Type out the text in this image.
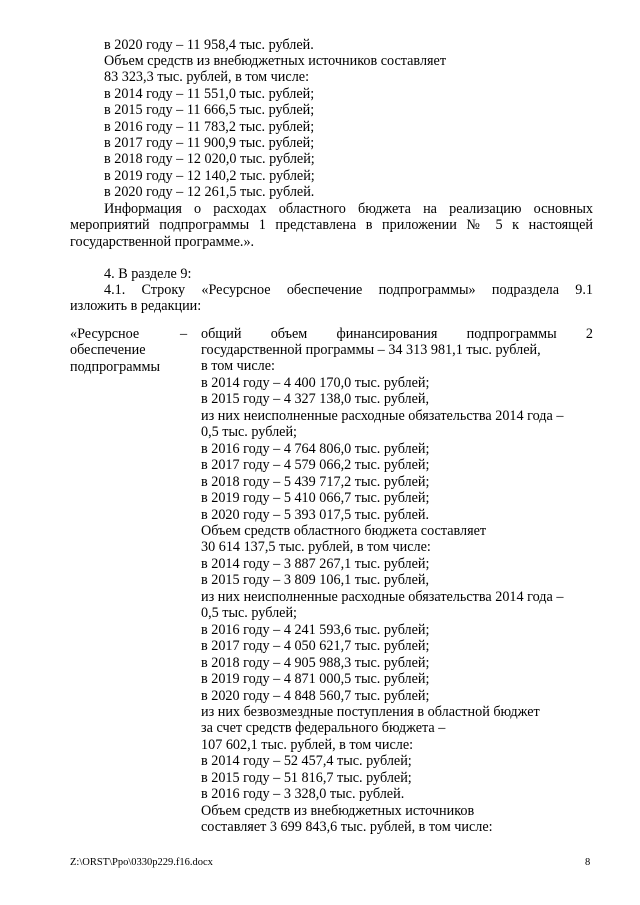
в 2020 году – 11 958,4 тыс. рублей.
Объем средств из внебюджетных источников составляет
83 323,3 тыс. рублей, в том числе:
в 2014 году – 11 551,0 тыс. рублей;
в 2015 году – 11 666,5 тыс. рублей;
в 2016 году – 11 783,2 тыс. рублей;
в 2017 году – 11 900,9 тыс. рублей;
в 2018 году – 12 020,0 тыс. рублей;
в 2019 году – 12 140,2 тыс. рублей;
в 2020 году – 12 261,5 тыс. рублей.
Информация о расходах областного бюджета на реализацию основных
мероприятий подпрограммы 1 представлена в приложении № 5 к настоящей
государственной программе.».
4. В разделе 9:
4.1. Строку «Ресурсное обеспечение подпрограммы» подраздела 9.1
изложить в редакции:
«Ресурсное
обеспечение
подпрограммы
– общий объем финансирования подпрограммы 2
государственной программы – 34 313 981,1 тыс. рублей,
в том числе:
в 2014 году – 4 400 170,0 тыс. рублей;
в 2015 году – 4 327 138,0 тыс. рублей,
из них неисполненные расходные обязательства 2014 года –
0,5 тыс. рублей;
в 2016 году – 4 764 806,0 тыс. рублей;
в 2017 году – 4 579 066,2 тыс. рублей;
в 2018 году – 5 439 717,2 тыс. рублей;
в 2019 году – 5 410 066,7 тыс. рублей;
в 2020 году – 5 393 017,5 тыс. рублей.
Объем средств областного бюджета составляет
30 614 137,5 тыс. рублей, в том числе:
в 2014 году – 3 887 267,1 тыс. рублей;
в 2015 году – 3 809 106,1 тыс. рублей,
из них неисполненные расходные обязательства 2014 года –
0,5 тыс. рублей;
в 2016 году – 4 241 593,6 тыс. рублей;
в 2017 году – 4 050 621,7 тыс. рублей;
в 2018 году – 4 905 988,3 тыс. рублей;
в 2019 году – 4 871 000,5 тыс. рублей;
в 2020 году – 4 848 560,7 тыс. рублей;
из них безвозмездные поступления в областной бюджет
за счет средств федерального бюджета –
107 602,1 тыс. рублей, в том числе:
в 2014 году – 52 457,4 тыс. рублей;
в 2015 году – 51 816,7 тыс. рублей;
в 2016 году – 3 328,0 тыс. рублей.
Объем средств из внебюджетных источников
составляет 3 699 843,6 тыс. рублей, в том числе:
Z:\ORST\Ppo\0330p229.f16.docx	8
